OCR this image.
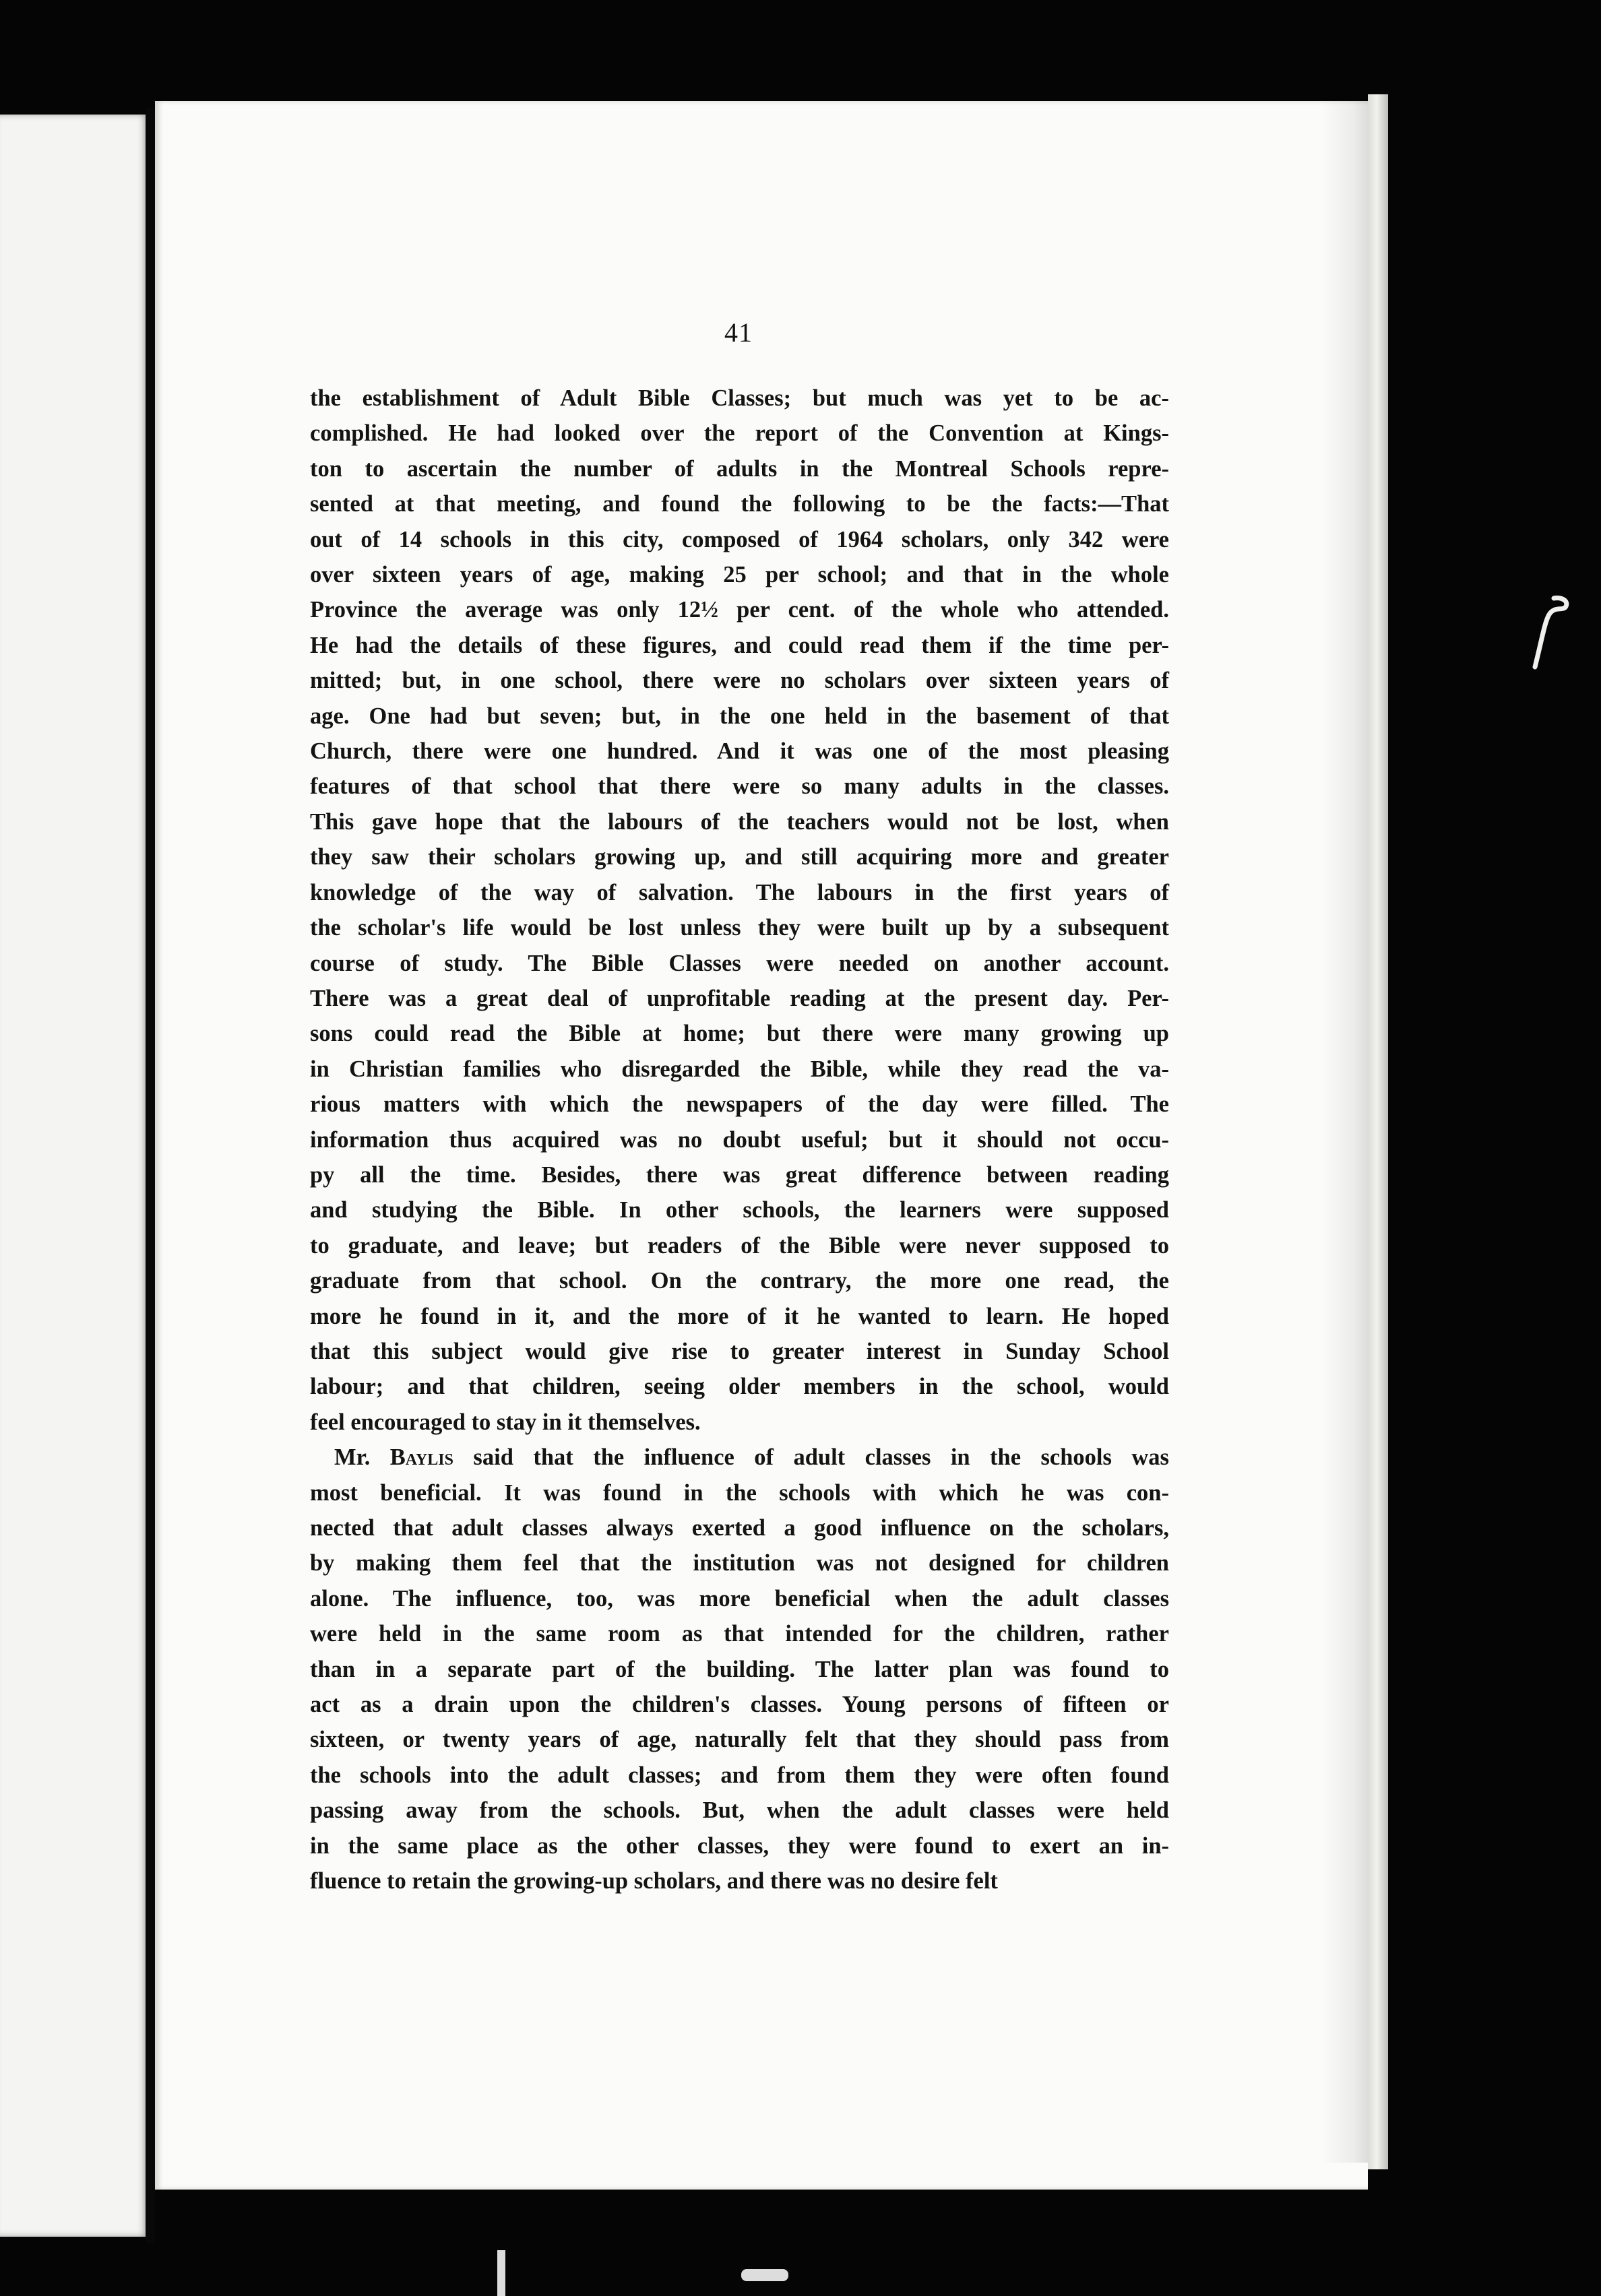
41
the establishment of Adult Bible Classes; but much was yet to be ac-
complished. He had looked over the report of the Convention at Kings-
ton to ascertain the number of adults in the Montreal Schools repre-
sented at that meeting, and found the following to be the facts:—That
out of 14 schools in this city, composed of 1964 scholars, only 342 were
over sixteen years of age, making 25 per school; and that in the whole
Province the average was only 12½ per cent. of the whole who attended.
He had the details of these figures, and could read them if the time per-
mitted; but, in one school, there were no scholars over sixteen years of
age. One had but seven; but, in the one held in the basement of that
Church, there were one hundred. And it was one of the most pleasing
features of that school that there were so many adults in the classes.
This gave hope that the labours of the teachers would not be lost, when
they saw their scholars growing up, and still acquiring more and greater
knowledge of the way of salvation. The labours in the first years of
the scholar's life would be lost unless they were built up by a subsequent
course of study. The Bible Classes were needed on another account.
There was a great deal of unprofitable reading at the present day. Per-
sons could read the Bible at home; but there were many growing up
in Christian families who disregarded the Bible, while they read the va-
rious matters with which the newspapers of the day were filled. The
information thus acquired was no doubt useful; but it should not occu-
py all the time. Besides, there was great difference between reading
and studying the Bible. In other schools, the learners were supposed
to graduate, and leave; but readers of the Bible were never supposed to
graduate from that school. On the contrary, the more one read, the
more he found in it, and the more of it he wanted to learn. He hoped
that this subject would give rise to greater interest in Sunday School
labour; and that children, seeing older members in the school, would
feel encouraged to stay in it themselves.
Mr. Baylis said that the influence of adult classes in the schools was
most beneficial. It was found in the schools with which he was con-
nected that adult classes always exerted a good influence on the scholars,
by making them feel that the institution was not designed for children
alone. The influence, too, was more beneficial when the adult classes
were held in the same room as that intended for the children, rather
than in a separate part of the building. The latter plan was found to
act as a drain upon the children's classes. Young persons of fifteen or
sixteen, or twenty years of age, naturally felt that they should pass from
the schools into the adult classes; and from them they were often found
passing away from the schools. But, when the adult classes were held
in the same place as the other classes, they were found to exert an in-
fluence to retain the growing-up scholars, and there was no desire felt
